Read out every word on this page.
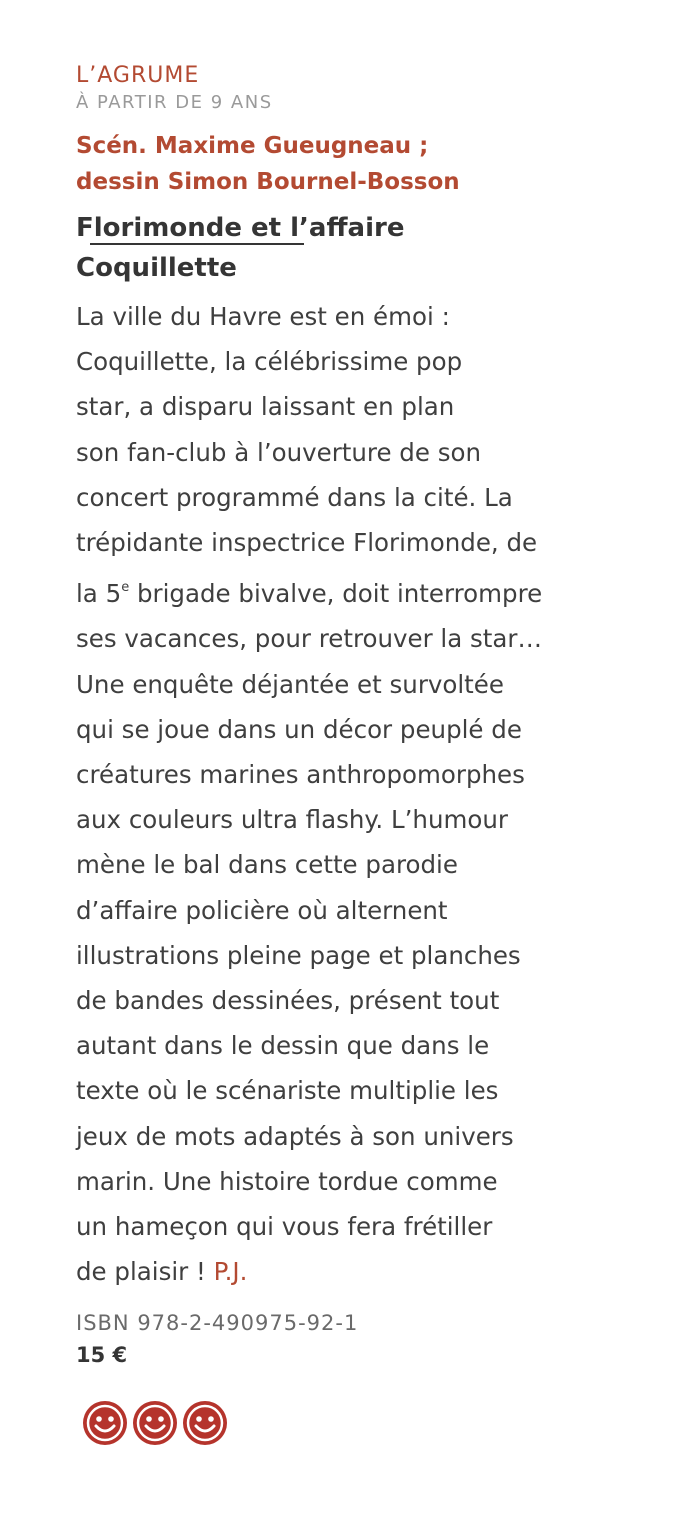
L’AGRUME

À PARTIR DE 9 ANS

Scén. Maxime Gueugneau ;
dessin Simon Bournel-Bosson
Florimonde et l’affaire
Coquillette

La ville du Havre est en émoi :
Coquillette, la célébrissime pop
star, a disparu laissant en plan
son fan-club à l’ouverture de son
concert programmé dans la cité. La
trépidante inspectrice Florimonde, de
la 5e brigade bivalve, doit interrompre
ses vacances, pour retrouver la star…
Une enquête déjantée et survoltée
qui se joue dans un décor peuplé de
créatures marines anthropomorphes
aux couleurs ultra flashy. L’humour
mène le bal dans cette parodie
d’affaire policière où alternent
illustrations pleine page et planches
de bandes dessinées, présent tout
autant dans le dessin que dans le
texte où le scénariste multiplie les
jeux de mots adaptés à son univers
marin. Une histoire tordue comme
un hameçon qui vous fera frétiller
de plaisir ! P.J.

ISBN 978-2-490975-92-1

15 €
